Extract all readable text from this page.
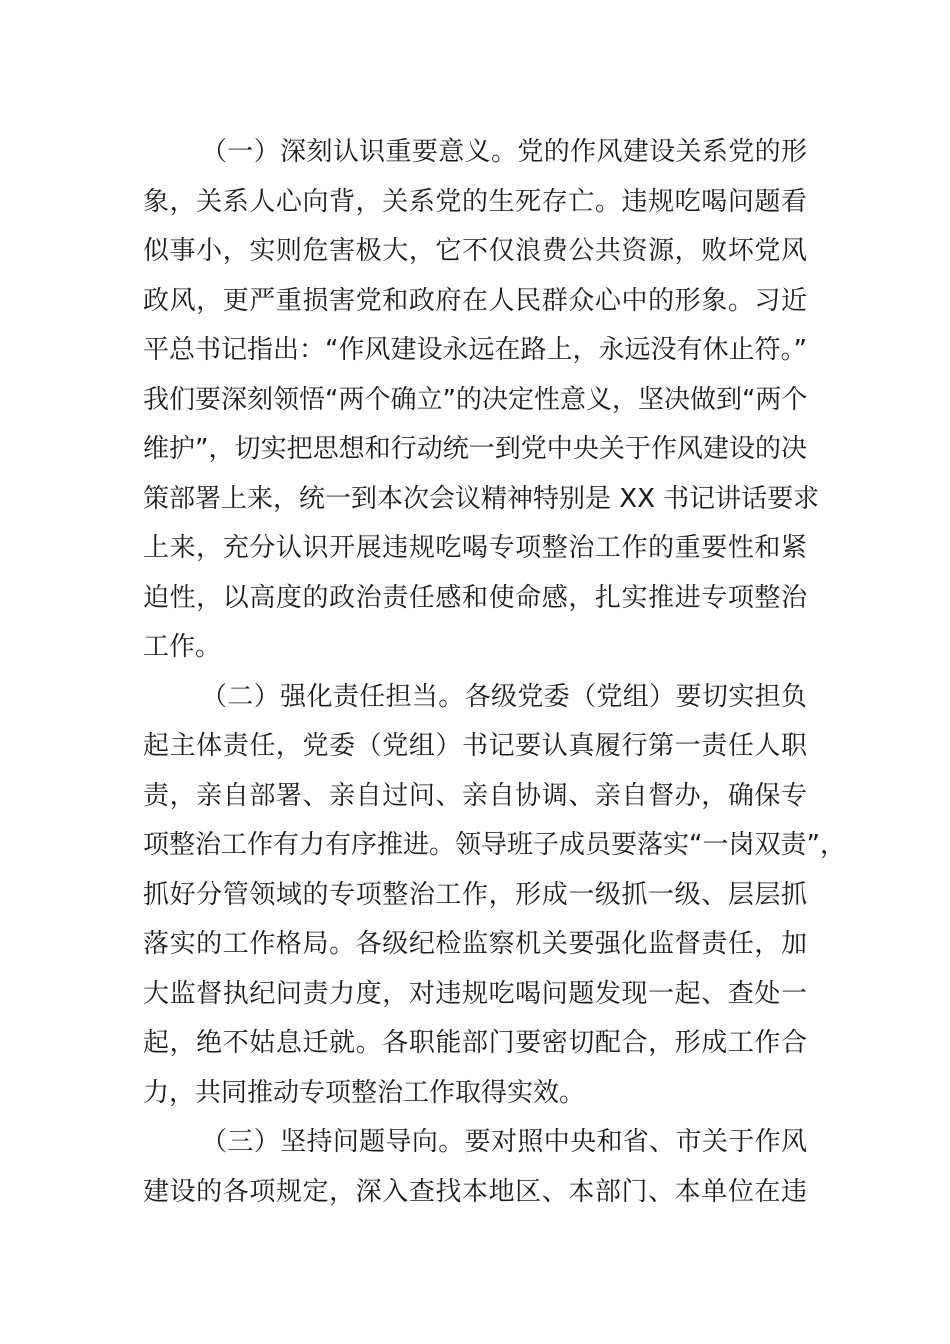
（一）深刻认识重要意义。党的作风建设关系党的形
象，关系人心向背，关系党的生死存亡。违规吃喝问题看
似事小，实则危害极大，它不仅浪费公共资源，败坏党风
政风，更严重损害党和政府在人民群众心中的形象。习近
平总书记指出：“作风建设永远在路上，永远没有休止符。”
我们要深刻领悟“两个确立”的决定性意义，坚决做到“两个
维护”，切实把思想和行动统一到党中央关于作风建设的决
策部署上来，统一到本次会议精神特别是 XX 书记讲话要求
上来，充分认识开展违规吃喝专项整治工作的重要性和紧
迫性，以高度的政治责任感和使命感，扎实推进专项整治
工作。

（二）强化责任担当。各级党委（党组）要切实担负
起主体责任，党委（党组）书记要认真履行第一责任人职
责，亲自部署、亲自过问、亲自协调、亲自督办，确保专
项整治工作有力有序推进。领导班子成员要落实“一岗双责”，
抓好分管领域的专项整治工作，形成一级抓一级、层层抓
落实的工作格局。各级纪检监察机关要强化监督责任，加
大监督执纪问责力度，对违规吃喝问题发现一起、查处一
起，绝不姑息迁就。各职能部门要密切配合，形成工作合
力，共同推动专项整治工作取得实效。

（三）坚持问题导向。要对照中央和省、市关于作风
建设的各项规定，深入查找本地区、本部门、本单位在违
